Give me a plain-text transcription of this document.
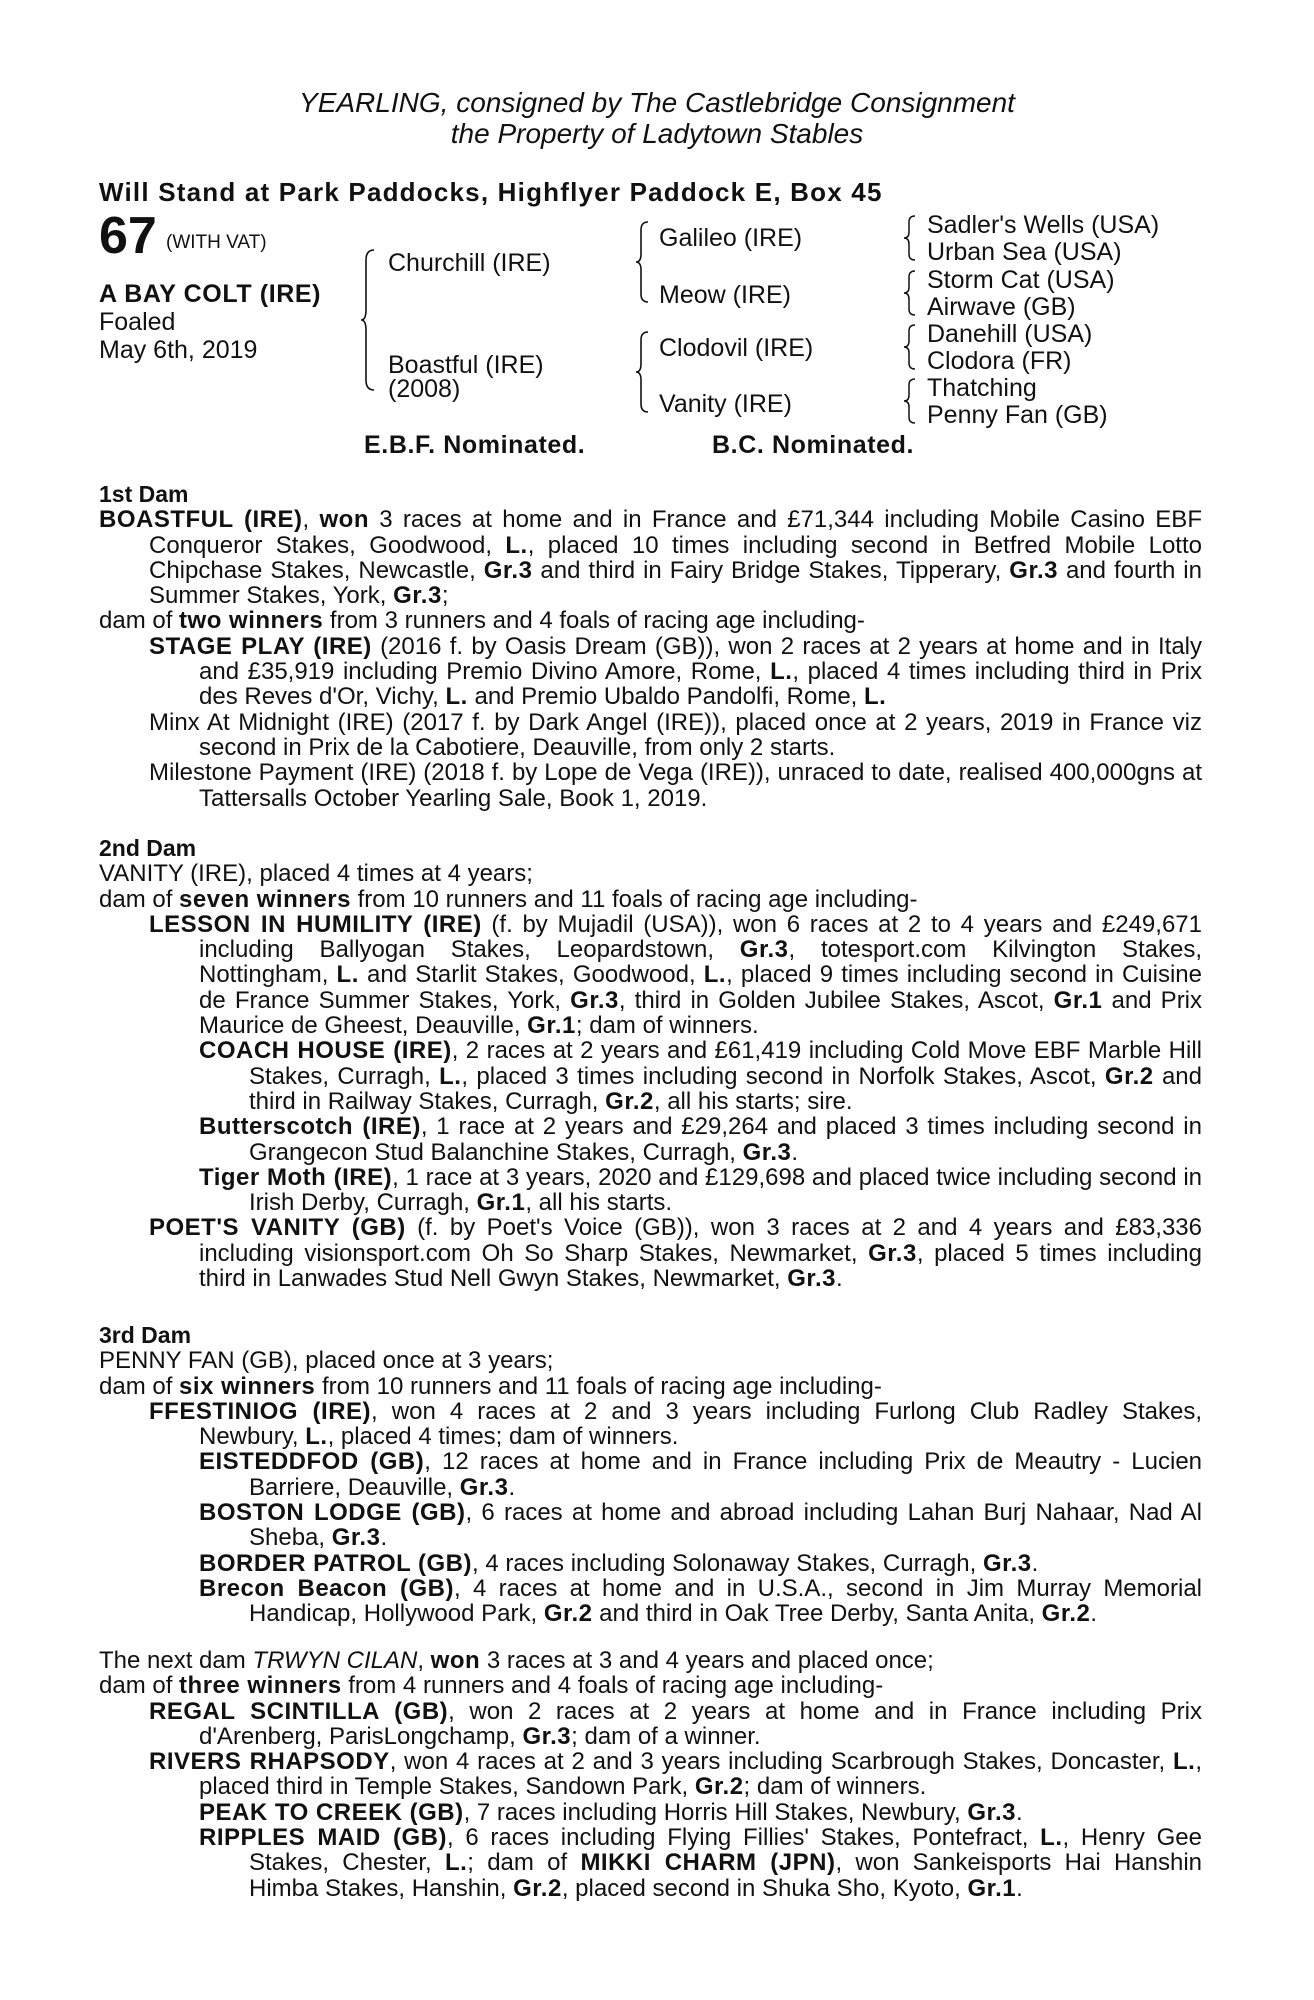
YEARLING, consigned by The Castlebridge Consignment
the Property of Ladytown Stables
Will Stand at Park Paddocks, Highflyer Paddock E, Box 45
67 (WITH VAT)
A BAY COLT (IRE)
Foaled
May 6th, 2019
Churchill (IRE)
Boastful (IRE)
(2008)
Galileo (IRE)
Meow (IRE)
Clodovil (IRE)
Vanity (IRE)
Sadler's Wells (USA)
Urban Sea (USA)
Storm Cat (USA)
Airwave (GB)
Danehill (USA)
Clodora (FR)
Thatching
Penny Fan (GB)
E.B.F. Nominated.	B.C. Nominated.
1st Dam
BOASTFUL (IRE), won 3 races at home and in France and £71,344 including Mobile Casino EBF Conqueror Stakes, Goodwood, L., placed 10 times including second in Betfred Mobile Lotto Chipchase Stakes, Newcastle, Gr.3 and third in Fairy Bridge Stakes, Tipperary, Gr.3 and fourth in Summer Stakes, York, Gr.3;
dam of two winners from 3 runners and 4 foals of racing age including-
STAGE PLAY (IRE) (2016 f. by Oasis Dream (GB)), won 2 races at 2 years at home and in Italy and £35,919 including Premio Divino Amore, Rome, L., placed 4 times including third in Prix des Reves d'Or, Vichy, L. and Premio Ubaldo Pandolfi, Rome, L.
Minx At Midnight (IRE) (2017 f. by Dark Angel (IRE)), placed once at 2 years, 2019 in France viz second in Prix de la Cabotiere, Deauville, from only 2 starts.
Milestone Payment (IRE) (2018 f. by Lope de Vega (IRE)), unraced to date, realised 400,000gns at Tattersalls October Yearling Sale, Book 1, 2019.
2nd Dam
VANITY (IRE), placed 4 times at 4 years;
dam of seven winners from 10 runners and 11 foals of racing age including-
LESSON IN HUMILITY (IRE) (f. by Mujadil (USA)), won 6 races at 2 to 4 years and £249,671 including Ballyogan Stakes, Leopardstown, Gr.3, totesport.com Kilvington Stakes, Nottingham, L. and Starlit Stakes, Goodwood, L., placed 9 times including second in Cuisine de France Summer Stakes, York, Gr.3, third in Golden Jubilee Stakes, Ascot, Gr.1 and Prix Maurice de Gheest, Deauville, Gr.1; dam of winners.
COACH HOUSE (IRE), 2 races at 2 years and £61,419 including Cold Move EBF Marble Hill Stakes, Curragh, L., placed 3 times including second in Norfolk Stakes, Ascot, Gr.2 and third in Railway Stakes, Curragh, Gr.2, all his starts; sire.
Butterscotch (IRE), 1 race at 2 years and £29,264 and placed 3 times including second in Grangecon Stud Balanchine Stakes, Curragh, Gr.3.
Tiger Moth (IRE), 1 race at 3 years, 2020 and £129,698 and placed twice including second in Irish Derby, Curragh, Gr.1, all his starts.
POET'S VANITY (GB) (f. by Poet's Voice (GB)), won 3 races at 2 and 4 years and £83,336 including visionsport.com Oh So Sharp Stakes, Newmarket, Gr.3, placed 5 times including third in Lanwades Stud Nell Gwyn Stakes, Newmarket, Gr.3.
3rd Dam
PENNY FAN (GB), placed once at 3 years;
dam of six winners from 10 runners and 11 foals of racing age including-
FFESTINIOG (IRE), won 4 races at 2 and 3 years including Furlong Club Radley Stakes, Newbury, L., placed 4 times; dam of winners.
EISTEDDFOD (GB), 12 races at home and in France including Prix de Meautry - Lucien Barriere, Deauville, Gr.3.
BOSTON LODGE (GB), 6 races at home and abroad including Lahan Burj Nahaar, Nad Al Sheba, Gr.3.
BORDER PATROL (GB), 4 races including Solonaway Stakes, Curragh, Gr.3.
Brecon Beacon (GB), 4 races at home and in U.S.A., second in Jim Murray Memorial Handicap, Hollywood Park, Gr.2 and third in Oak Tree Derby, Santa Anita, Gr.2.
The next dam TRWYN CILAN, won 3 races at 3 and 4 years and placed once;
dam of three winners from 4 runners and 4 foals of racing age including-
REGAL SCINTILLA (GB), won 2 races at 2 years at home and in France including Prix d'Arenberg, ParisLongchamp, Gr.3; dam of a winner.
RIVERS RHAPSODY, won 4 races at 2 and 3 years including Scarbrough Stakes, Doncaster, L., placed third in Temple Stakes, Sandown Park, Gr.2; dam of winners.
PEAK TO CREEK (GB), 7 races including Horris Hill Stakes, Newbury, Gr.3.
RIPPLES MAID (GB), 6 races including Flying Fillies' Stakes, Pontefract, L., Henry Gee Stakes, Chester, L.; dam of MIKKI CHARM (JPN), won Sankeisports Hai Hanshin Himba Stakes, Hanshin, Gr.2, placed second in Shuka Sho, Kyoto, Gr.1.
